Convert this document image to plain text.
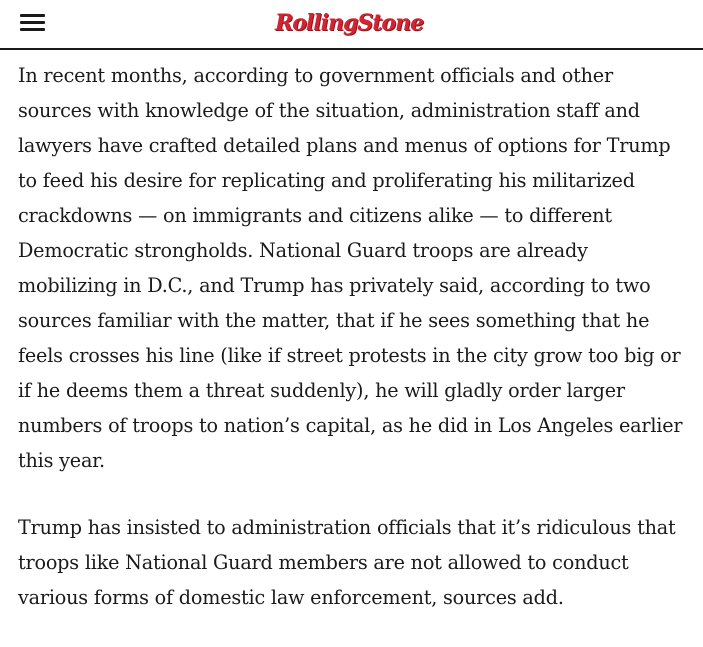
RollingStone

In recent months, according to government officials and other sources with knowledge of the situation, administration staff and lawyers have crafted detailed plans and menus of options for Trump to feed his desire for replicating and proliferating his militarized crackdowns — on immigrants and citizens alike — to different Democratic strongholds. National Guard troops are already mobilizing in D.C., and Trump has privately said, according to two sources familiar with the matter, that if he sees something that he feels crosses his line (like if street protests in the city grow too big or if he deems them a threat suddenly), he will gladly order larger numbers of troops to nation’s capital, as he did in Los Angeles earlier this year.

Trump has insisted to administration officials that it’s ridiculous that troops like National Guard members are not allowed to conduct various forms of domestic law enforcement, sources add.
